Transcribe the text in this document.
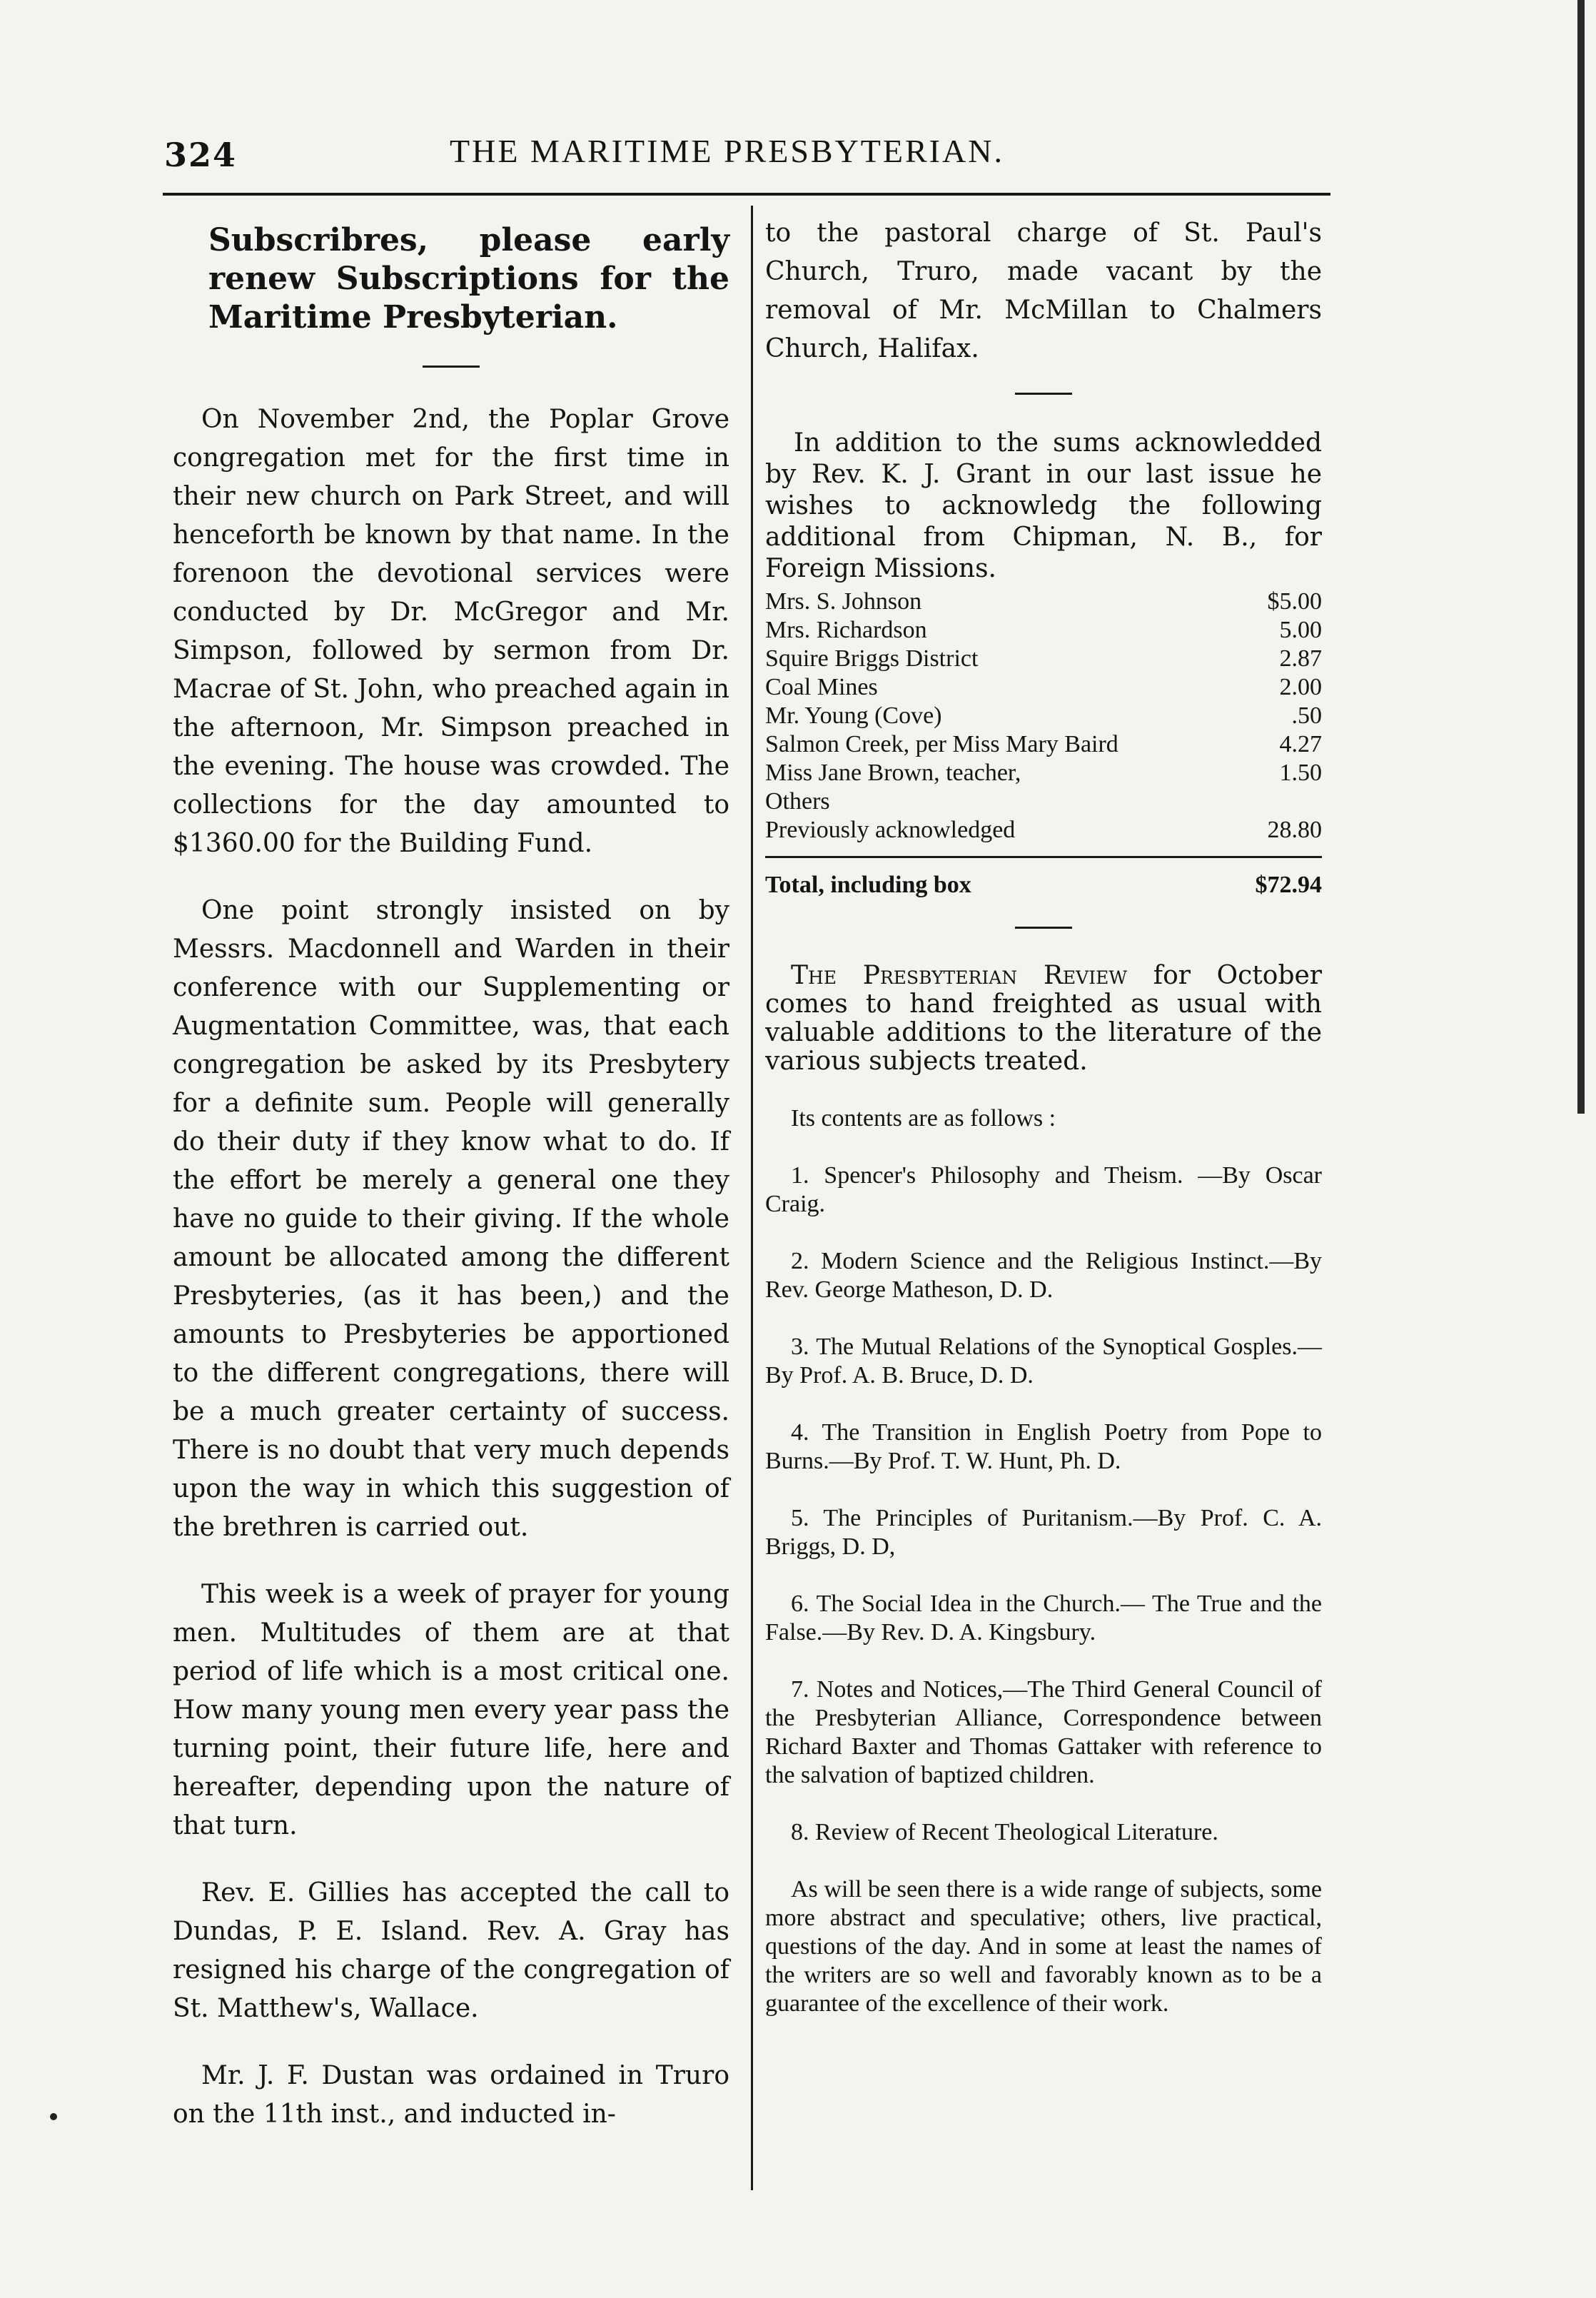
324	THE MARITIME PRESBYTERIAN.

Subscribres, please early renew Subscriptions for the Maritime Presbyterian.

On November 2nd, the Poplar Grove congregation met for the first time in their new church on Park Street, and will henceforth be known by that name. In the forenoon the devotional services were conducted by Dr. McGregor and Mr. Simpson, followed by sermon from Dr. Macrae of St. John, who preached again in the afternoon, Mr. Simpson preached in the evening. The house was crowded. The collections for the day amounted to $1360.00 for the Building Fund.

One point strongly insisted on by Messrs. Macdonnell and Warden in their conference with our Supplementing or Augmentation Committee, was, that each congregation be asked by its Presbytery for a definite sum. People will generally do their duty if they know what to do. If the effort be merely a general one they have no guide to their giving. If the whole amount be allocated among the different Presbyteries, (as it has been,) and the amounts to Presbyteries be apportioned to the different congregations, there will be a much greater certainty of success. There is no doubt that very much depends upon the way in which this suggestion of the brethren is carried out.

This week is a week of prayer for young men. Multitudes of them are at that period of life which is a most critical one. How many young men every year pass the turning point, their future life, here and hereafter, depending upon the nature of that turn.

Rev. E. Gillies has accepted the call to Dundas, P. E. Island. Rev. A. Gray has resigned his charge of the congregation of St. Matthew's, Wallace.

Mr. J. F. Dustan was ordained in Truro on the 11th inst., and inducted in-

to the pastoral charge of St. Paul's Church, Truro, made vacant by the removal of Mr. McMillan to Chalmers Church, Halifax.

In addition to the sums acknowledded by Rev. K. J. Grant in our last issue he wishes to acknowledg the following additional from Chipman, N. B., for Foreign Missions.

Mrs. S. Johnson	$5.00
Mrs. Richardson	5.00
Squire Briggs District	2.87
Coal Mines	2.00
Mr. Young (Cove)	.50
Salmon Creek, per Miss Mary Baird	4.27
Miss Jane Brown, teacher,	1.50
Others
Previously acknowledged	28.80
Total, including box	$72.94

The Presbyterian Review for October comes to hand freighted as usual with valuable additions to the literature of the various subjects treated.

Its contents are as follows :

1. Spencer's Philosophy and Theism. —By Oscar Craig.

2. Modern Science and the Religious Instinct.—By Rev. George Matheson, D. D.

3. The Mutual Relations of the Synoptical Gosples.—By Prof. A. B. Bruce, D. D.

4. The Transition in English Poetry from Pope to Burns.—By Prof. T. W. Hunt, Ph. D.

5. The Principles of Puritanism.—By Prof. C. A. Briggs, D. D,

6. The Social Idea in the Church.— The True and the False.—By Rev. D. A. Kingsbury.

7. Notes and Notices,—The Third General Council of the Presbyterian Alliance, Correspondence between Richard Baxter and Thomas Gattaker with reference to the salvation of baptized children.

8. Review of Recent Theological Literature.

As will be seen there is a wide range of subjects, some more abstract and speculative; others, live practical, questions of the day. And in some at least the names of the writers are so well and favorably known as to be a guarantee of the excellence of their work.
